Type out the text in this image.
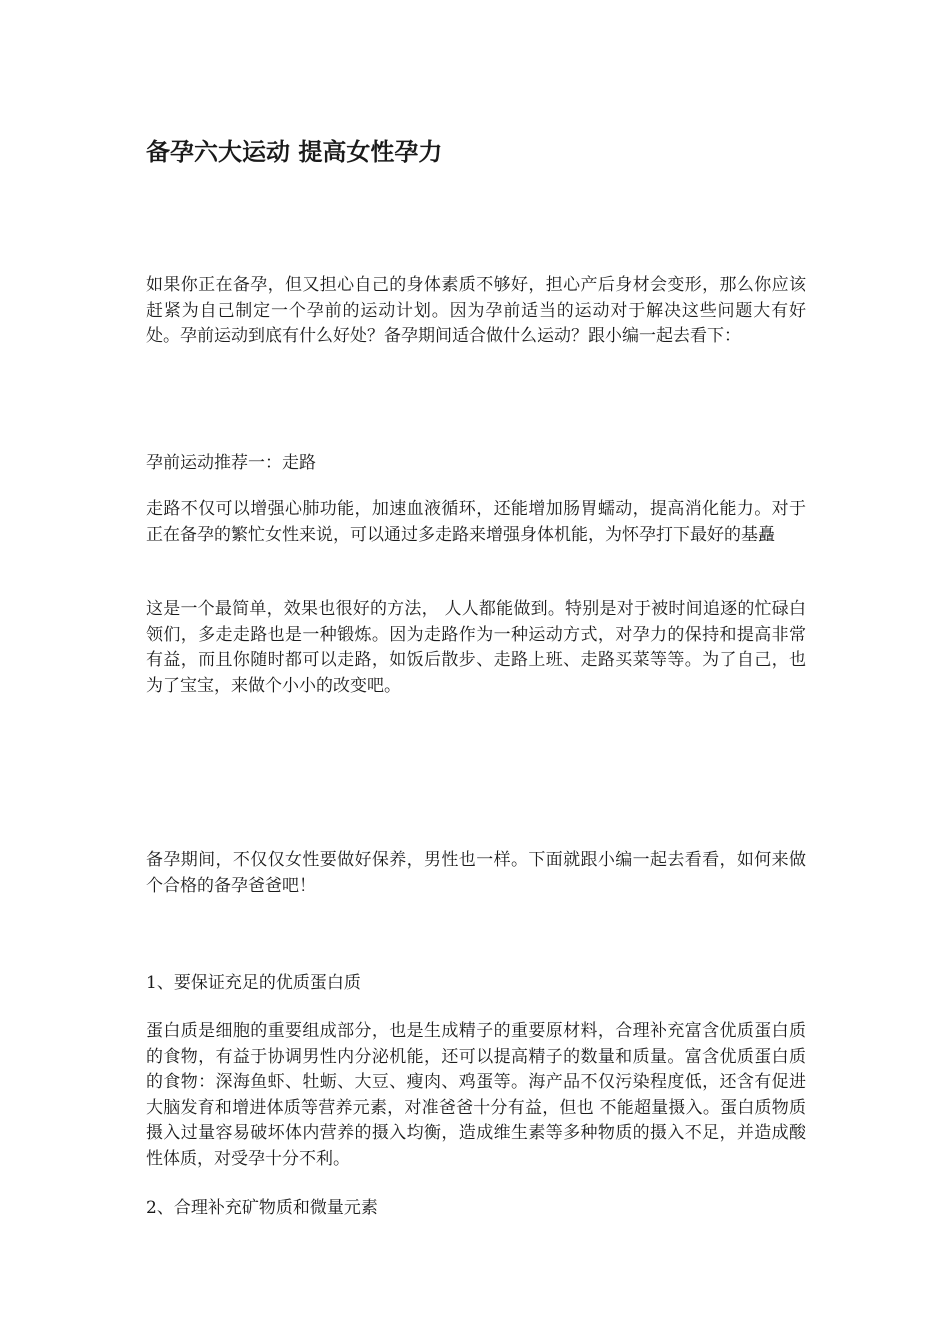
备孕六大运动 提高女性孕力

如果你正在备孕，但又担心自己的身体素质不够好，担心产后身材会变形，那么你应该赶紧为自己制定一个孕前的运动计划。因为孕前适当的运动对于解决这些问题大有好处。孕前运动到底有什么好处？备孕期间适合做什么运动？跟小编一起去看下：

孕前运动推荐一：走路

走路不仅可以增强心肺功能，加速血液循环，还能增加肠胃蠕动，提高消化能力。对于正在备孕的繁忙女性来说，可以通过多走路来增强身体机能，为怀孕打下最好的基矗

这是一个最简单，效果也很好的方法， 人人都能做到。特别是对于被时间追逐的忙碌白领们，多走走路也是一种锻炼。因为走路作为一种运动方式，对孕力的保持和提高非常有益，而且你随时都可以走路，如饭后散步、走路上班、走路买菜等等。为了自己，也为了宝宝，来做个小小的改变吧。

备孕期间，不仅仅女性要做好保养，男性也一样。下面就跟小编一起去看看，如何来做个合格的备孕爸爸吧！

1、要保证充足的优质蛋白质

蛋白质是细胞的重要组成部分，也是生成精子的重要原材料，合理补充富含优质蛋白质的食物，有益于协调男性内分泌机能，还可以提高精子的数量和质量。富含优质蛋白质的食物：深海鱼虾、牡蛎、大豆、瘦肉、鸡蛋等。海产品不仅污染程度低，还含有促进大脑发育和增进体质等营养元素，对准爸爸十分有益，但也 不能超量摄入。蛋白质物质摄入过量容易破坏体内营养的摄入均衡，造成维生素等多种物质的摄入不足，并造成酸性体质，对受孕十分不利。

2、合理补充矿物质和微量元素
